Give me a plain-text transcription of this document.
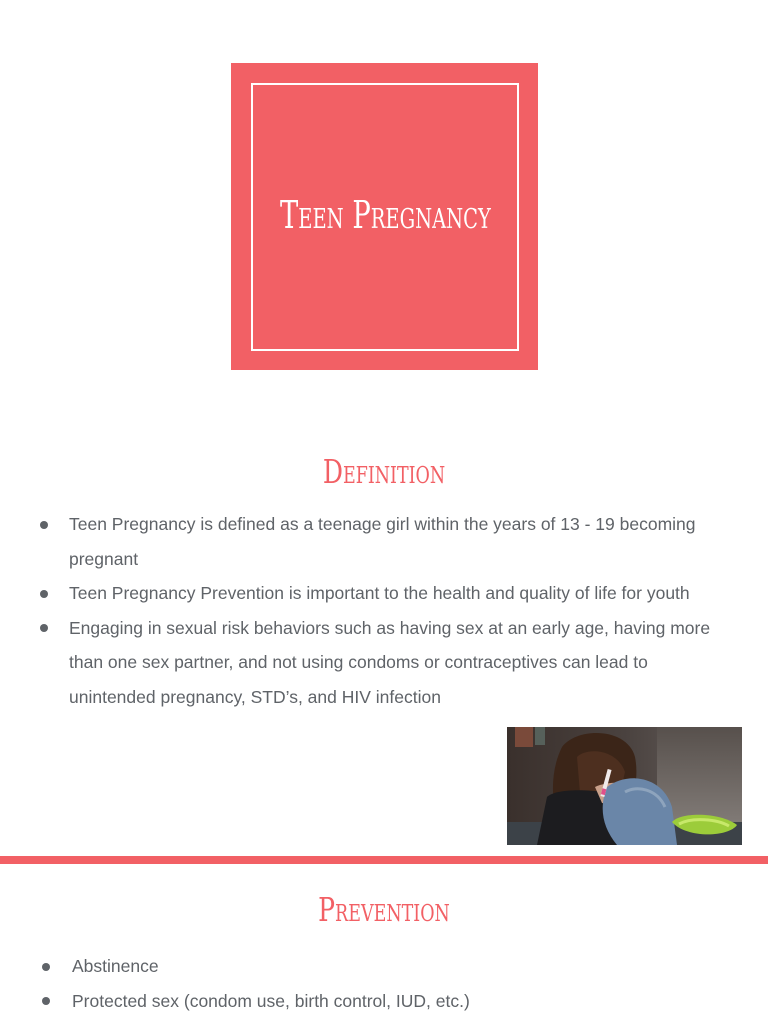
Teen Pregnancy
Definition
Teen Pregnancy is defined as a teenage girl within the years of 13 - 19 becoming pregnant
Teen Pregnancy Prevention is important to the health and quality of life for youth
Engaging in sexual risk behaviors such as having sex at an early age, having more than one sex partner, and not using condoms or contraceptives can lead to unintended pregnancy, STD’s, and HIV infection
Prevention
Abstinence
Protected sex (condom use, birth control, IUD, etc.)
